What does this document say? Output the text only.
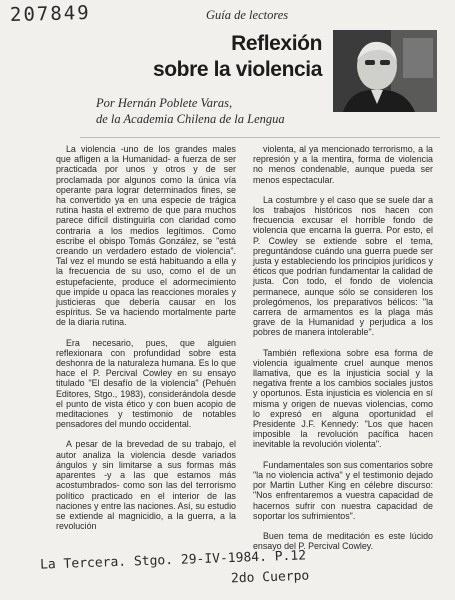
207849	Guía de lectores
Reflexión
sobre la violencia
Por Hernán Poblete Varas,
de la Academia Chilena de la Lengua

La violencia -uno de los grandes males que afligen a la Humanidad- a fuerza de ser practicada por unos y otros y de ser proclamada por algunos como la única vía operante para lograr determinados fines, se ha convertido ya en una especie de trágica rutina hasta el extremo de que para muchos parece difícil distinguirla con claridad como contraria a los medios legítimos. Como escribe el obispo Tomás González, se "está creando un verdadero estado de violencia". Tal vez el mundo se está habituando a ella y la frecuencia de su uso, como el de un estupefaciente, produce el adormecimiento que impide u opaca las reacciones morales y justicieras que debería causar en los espíritus. Se va haciendo mortalmente parte de la diaria rutina.

Era necesario, pues, que alguien reflexionara con profundidad sobre esta deshonra de la naturaleza humana. Es lo que hace el P. Percival Cowley en su ensayo titulado "El desafío de la violencia" (Pehuén Editores, Stgo., 1983), considerándola desde el punto de vista ético y con buen acopio de meditaciones y testimonio de notables pensadores del mundo occidental.

A pesar de la brevedad de su trabajo, el autor analiza la violencia desde variados ángulos y sin limitarse a sus formas más aparentes -y a las que estamos más acostumbrados- como son las del terrorismo político practicado en el interior de las naciones y entre las naciones. Así, su estudio se extiende al magnicidio, a la guerra, a la revolución

violenta, al ya mencionado terrorismo, a la represión y a la mentira, forma de violencia no menos condenable, aunque pueda ser menos espectacular.

La costumbre y el caso que se suele dar a los trabajos históricos nos hacen con frecuencia excusar el horrible fondo de violencia que encarna la guerra. Por esto, el P. Cowley se extiende sobre el tema, preguntándose cuándo una guerra puede ser justa y estableciendo los principios jurídicos y éticos que podrían fundamentar la calidad de justa. Con todo, el fondo de violencia permanece, aunque sólo se consideren los prolegómenos, los preparativos bélicos: "la carrera de armamentos es la plaga más grave de la Humanidad y perjudica a los pobres de manera intolerable".

También reflexiona sobre esa forma de violencia igualmente cruel aunque menos llamativa, que es la injusticia social y la negativa frente a los cambios sociales justos y oportunos. Esta injusticia es violencia en sí misma y origen de nuevas violencias, como lo expresó en alguna oportunidad el Presidente J.F. Kennedy: "Los que hacen imposible la revolución pacífica hacen inevitable la revolución violenta".

Fundamentales son sus comentarios sobre "la no violencia activa" y el testimonio dejado por Martin Luther King en célebre discurso: "Nos enfrentaremos a vuestra capacidad de hacernos sufrir con nuestra capacidad de soportar los sufrimientos".

Buen tema de meditación es este lúcido ensayo del P. Percival Cowley.

La Tercera. Stgo. 29-IV-1984. P.12
2do Cuerpo
